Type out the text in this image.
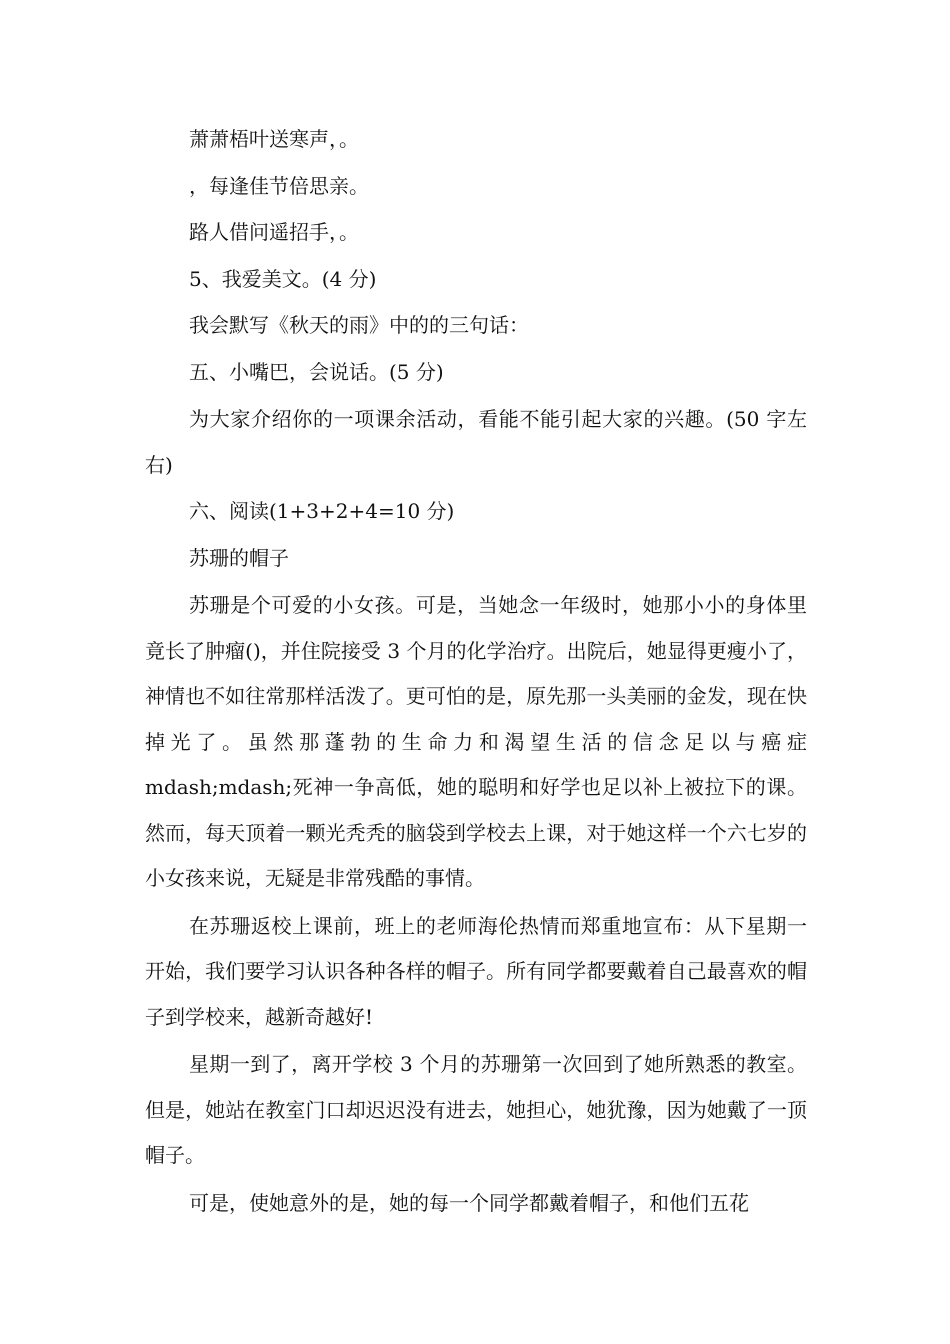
萧萧梧叶送寒声，。

，每逢佳节倍思亲。

路人借问遥招手，。

5、我爱美文。(4 分)

我会默写《秋天的雨》中的的三句话：

五、小嘴巴，会说话。(5 分)

为大家介绍你的一项课余活动，看能不能引起大家的兴趣。(50 字左右)

六、阅读(1+3+2+4=10 分)

苏珊的帽子

苏珊是个可爱的小女孩。可是，当她念一年级时，她那小小的身体里竟长了肿瘤()，并住院接受 3 个月的化学治疗。出院后，她显得更瘦小了，神情也不如往常那样活泼了。更可怕的是，原先那一头美丽的金发，现在快掉光了。虽然那蓬勃的生命力和渴望生活的信念足以与癌症 mdash;mdash;死神一争高低，她的聪明和好学也足以补上被拉下的课。然而，每天顶着一颗光秃秃的脑袋到学校去上课，对于她这样一个六七岁的小女孩来说，无疑是非常残酷的事情。

在苏珊返校上课前，班上的老师海伦热情而郑重地宣布：从下星期一开始，我们要学习认识各种各样的帽子。所有同学都要戴着自己最喜欢的帽子到学校来，越新奇越好!

星期一到了，离开学校 3 个月的苏珊第一次回到了她所熟悉的教室。但是，她站在教室门口却迟迟没有进去，她担心，她犹豫，因为她戴了一顶帽子。

可是，使她意外的是，她的每一个同学都戴着帽子，和他们五花
